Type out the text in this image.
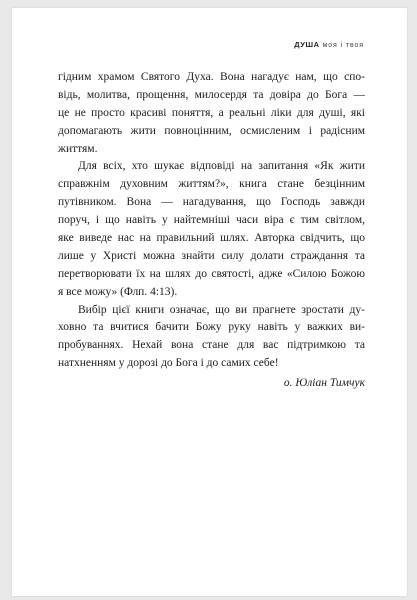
ДУША моя і твоя

гідним храмом Святого Духа. Вона нагадує нам, що спо-
відь, молитва, прощення, милосердя та довіра до Бога —
це не просто красиві поняття, а реальні ліки для душі, які
допомагають жити повноцінним, осмисленим і радісним
життям.

Для всіх, хто шукає відповіді на запитання «Як жити
справжнім духовним життям?», книга стане безцінним
путівником. Вона — нагадування, що Господь завжди
поруч, і що навіть у найтемніші часи віра є тим світлом,
яке виведе нас на правильний шлях. Авторка свідчить, що
лише у Христі можна знайти силу долати страждання та
перетворювати їх на шлях до святості, адже «Силою Божою
я все можу» (Флп. 4:13).

Вибір цієї книги означає, що ви прагнете зростати ду-
ховно та вчитися бачити Божу руку навіть у важких ви-
пробуваннях. Нехай вона стане для вас підтримкою та
натхненням у дорозі до Бога і до самих себе!

о. Юліан Тимчук
